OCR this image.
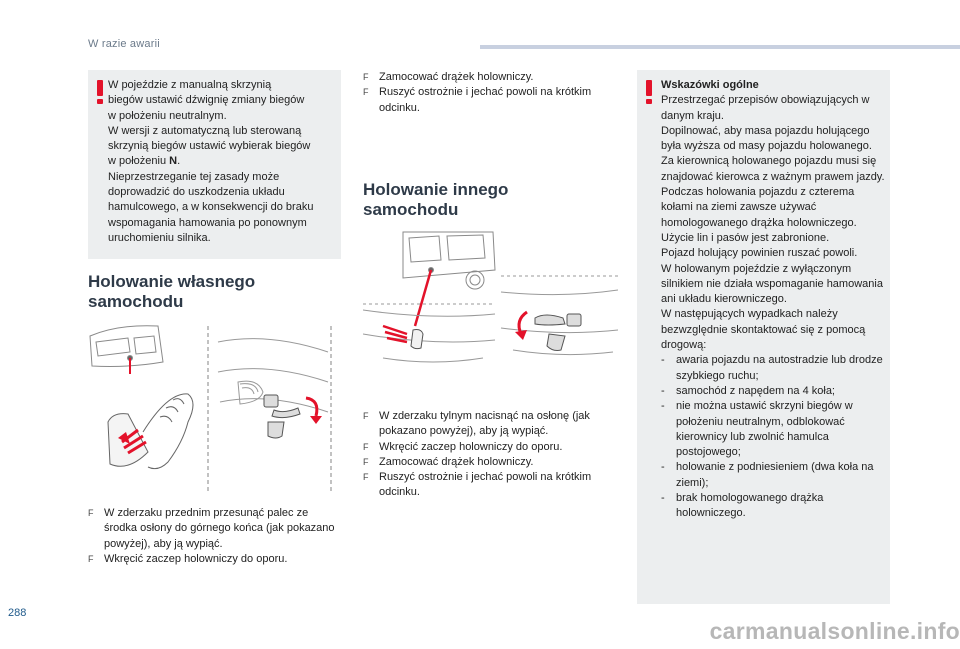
W razie awarii
W pojeździe z manualną skrzynią
biegów ustawić dźwignię zmiany biegów
w położeniu neutralnym.
W wersji z automatyczną lub sterowaną
skrzynią biegów ustawić wybierak biegów
w położeniu N.
Nieprzestrzeganie tej zasady może
doprowadzić do uszkodzenia układu
hamulcowego, a w konsekwencji do braku
wspomagania hamowania po ponownym
uruchomieniu silnika.
Holowanie własnego
samochodu
F W zderzaku przednim przesunąć palec ze środka osłony do górnego końca (jak pokazano powyżej), aby ją wypiąć.
F Wkręcić zaczep holowniczy do oporu.
F Zamocować drążek holowniczy.
F Ruszyć ostrożnie i jechać powoli na krótkim odcinku.
Holowanie innego
samochodu
F W zderzaku tylnym nacisnąć na osłonę (jak pokazano powyżej), aby ją wypiąć.
F Wkręcić zaczep holowniczy do oporu.
F Zamocować drążek holowniczy.
F Ruszyć ostrożnie i jechać powoli na krótkim odcinku.
Wskazówki ogólne
Przestrzegać przepisów obowiązujących w danym kraju.
Dopilnować, aby masa pojazdu holującego była wyższa od masy pojazdu holowanego.
Za kierownicą holowanego pojazdu musi się znajdować kierowca z ważnym prawem jazdy.
Podczas holowania pojazdu z czterema kołami na ziemi zawsze używać homologowanego drążka holowniczego. Użycie lin i pasów jest zabronione.
Pojazd holujący powinien ruszać powoli.
W holowanym pojeździe z wyłączonym silnikiem nie działa wspomaganie hamowania ani układu kierowniczego.
W następujących wypadkach należy bezwzględnie skontaktować się z pomocą drogową:
- awaria pojazdu na autostradzie lub drodze szybkiego ruchu;
- samochód z napędem na 4 koła;
- nie można ustawić skrzyni biegów w położeniu neutralnym, odblokować kierownicy lub zwolnić hamulca postojowego;
- holowanie z podniesieniem (dwa koła na ziemi);
- brak homologowanego drążka holowniczego.
288
carmanualsonline.info
